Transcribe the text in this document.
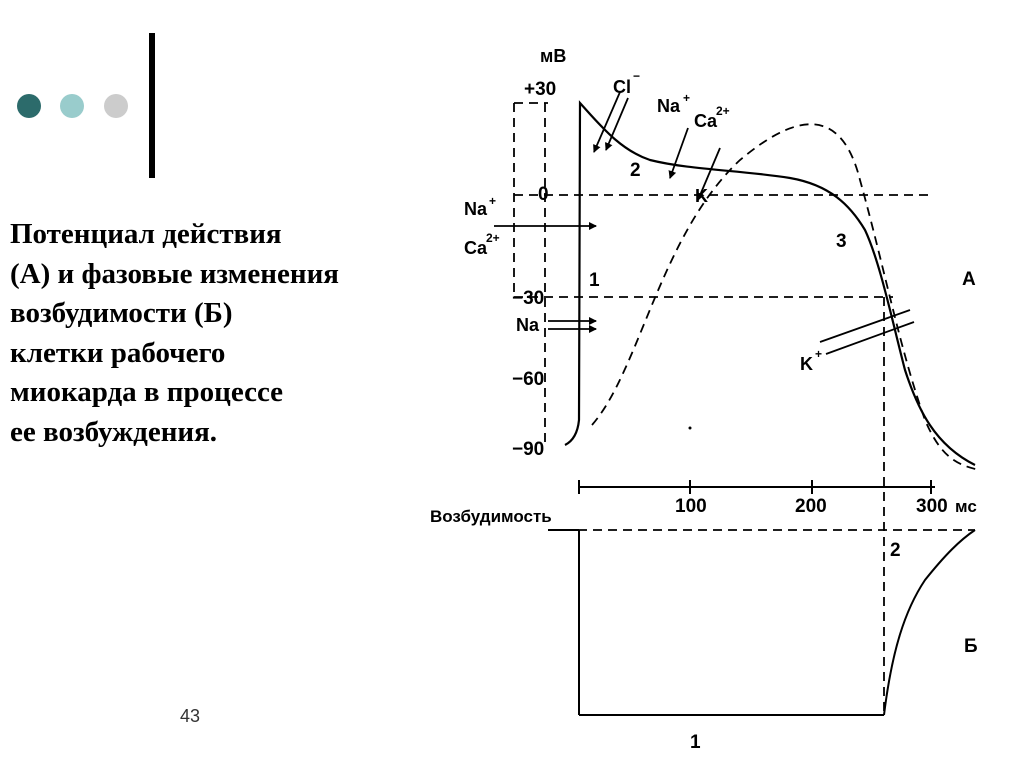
Потенциал действия
(А) и фазовые изменения
возбудимости (Б)
клетки рабочего
миокарда в процессе
ее возбуждения.
43
мВ
+30
0
−30
−60
−90
1
2
3
А
Na +
Ca
2+
Na
Cl
−
Na +
Ca
2+
K
K +
100	200	300 мс
Возбудимость
2
1
Б
